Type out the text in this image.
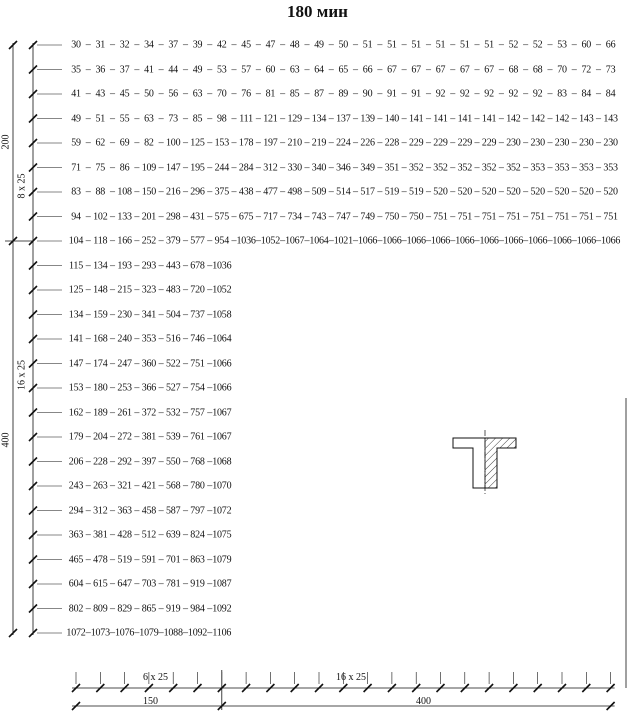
180 мин
30 – 31 – 32 – 34 – 37 – 39 – 42 – 45 – 47 – 48 – 49 – 50 – 51 – 51 – 51 – 51 – 51 – 51 – 52 – 52 – 53 – 60 – 66
35 – 36 – 37 – 41 – 44 – 49 – 53 – 57 – 60 – 63 – 64 – 65 – 66 – 67 – 67 – 67 – 67 – 67 – 68 – 68 – 70 – 72 – 73
41 – 43 – 45 – 50 – 56 – 63 – 70 – 76 – 81 – 85 – 87 – 89 – 90 – 91 – 91 – 92 – 92 – 92 – 92 – 92 – 83 – 84 – 84
49 – 51 – 55 – 63 – 73 – 85 – 98 – 111 – 121 – 129 – 134 – 137 – 139 – 140 – 141 – 141 – 141 – 141 – 142 – 142 – 142 – 143 – 143
59 – 62 – 69 – 82 – 100 – 125 – 153 – 178 – 197 – 210 – 219 – 224 – 226 – 228 – 229 – 229 – 229 – 229 – 230 – 230 – 230 – 230 – 230
71 – 75 – 86 – 109 – 147 – 195 – 244 – 284 – 312 – 330 – 340 – 346 – 349 – 351 – 352 – 352 – 352 – 352 – 352 – 353 – 353 – 353 – 353
83 – 88 – 108 – 150 – 216 – 296 – 375 – 438 – 477 – 498 – 509 – 514 – 517 – 519 – 519 – 520 – 520 – 520 – 520 – 520 – 520 – 520 – 520
94 – 102 – 133 – 201 – 298 – 431 – 575 – 675 – 717 – 734 – 743 – 747 – 749 – 750 – 750 – 751 – 751 – 751 – 751 – 751 – 751 – 751 – 751
104 – 118 – 166 – 252 – 379 – 577 – 954 – 1036 – 1052 – 1067 – 1064 – 1021 – 1066 – 1066 – 1066 – 1066 – 1066 – 1066 – 1066 – 1066 – 1066 – 1066 – 1066
115 – 134 – 193 – 293 – 443 – 678 – 1036
125 – 148 – 215 – 323 – 483 – 720 – 1052
134 – 159 – 230 – 341 – 504 – 737 – 1058
141 – 168 – 240 – 353 – 516 – 746 – 1064
147 – 174 – 247 – 360 – 522 – 751 – 1066
153 – 180 – 253 – 366 – 527 – 754 – 1066
162 – 189 – 261 – 372 – 532 – 757 – 1067
179 – 204 – 272 – 381 – 539 – 761 – 1067
206 – 228 – 292 – 397 – 550 – 768 – 1068
243 – 263 – 321 – 421 – 568 – 780 – 1070
294 – 312 – 363 – 458 – 587 – 797 – 1072
363 – 381 – 428 – 512 – 639 – 824 – 1075
465 – 478 – 519 – 591 – 701 – 863 – 1079
604 – 615 – 647 – 703 – 781 – 919 – 1087
802 – 809 – 829 – 865 – 919 – 984 – 1092
1072 – 1073 – 1076 – 1079 – 1088 – 1092 – 1106
8 x 25
200
16 x 25
400
6 x 25
150
16 x 25
400
